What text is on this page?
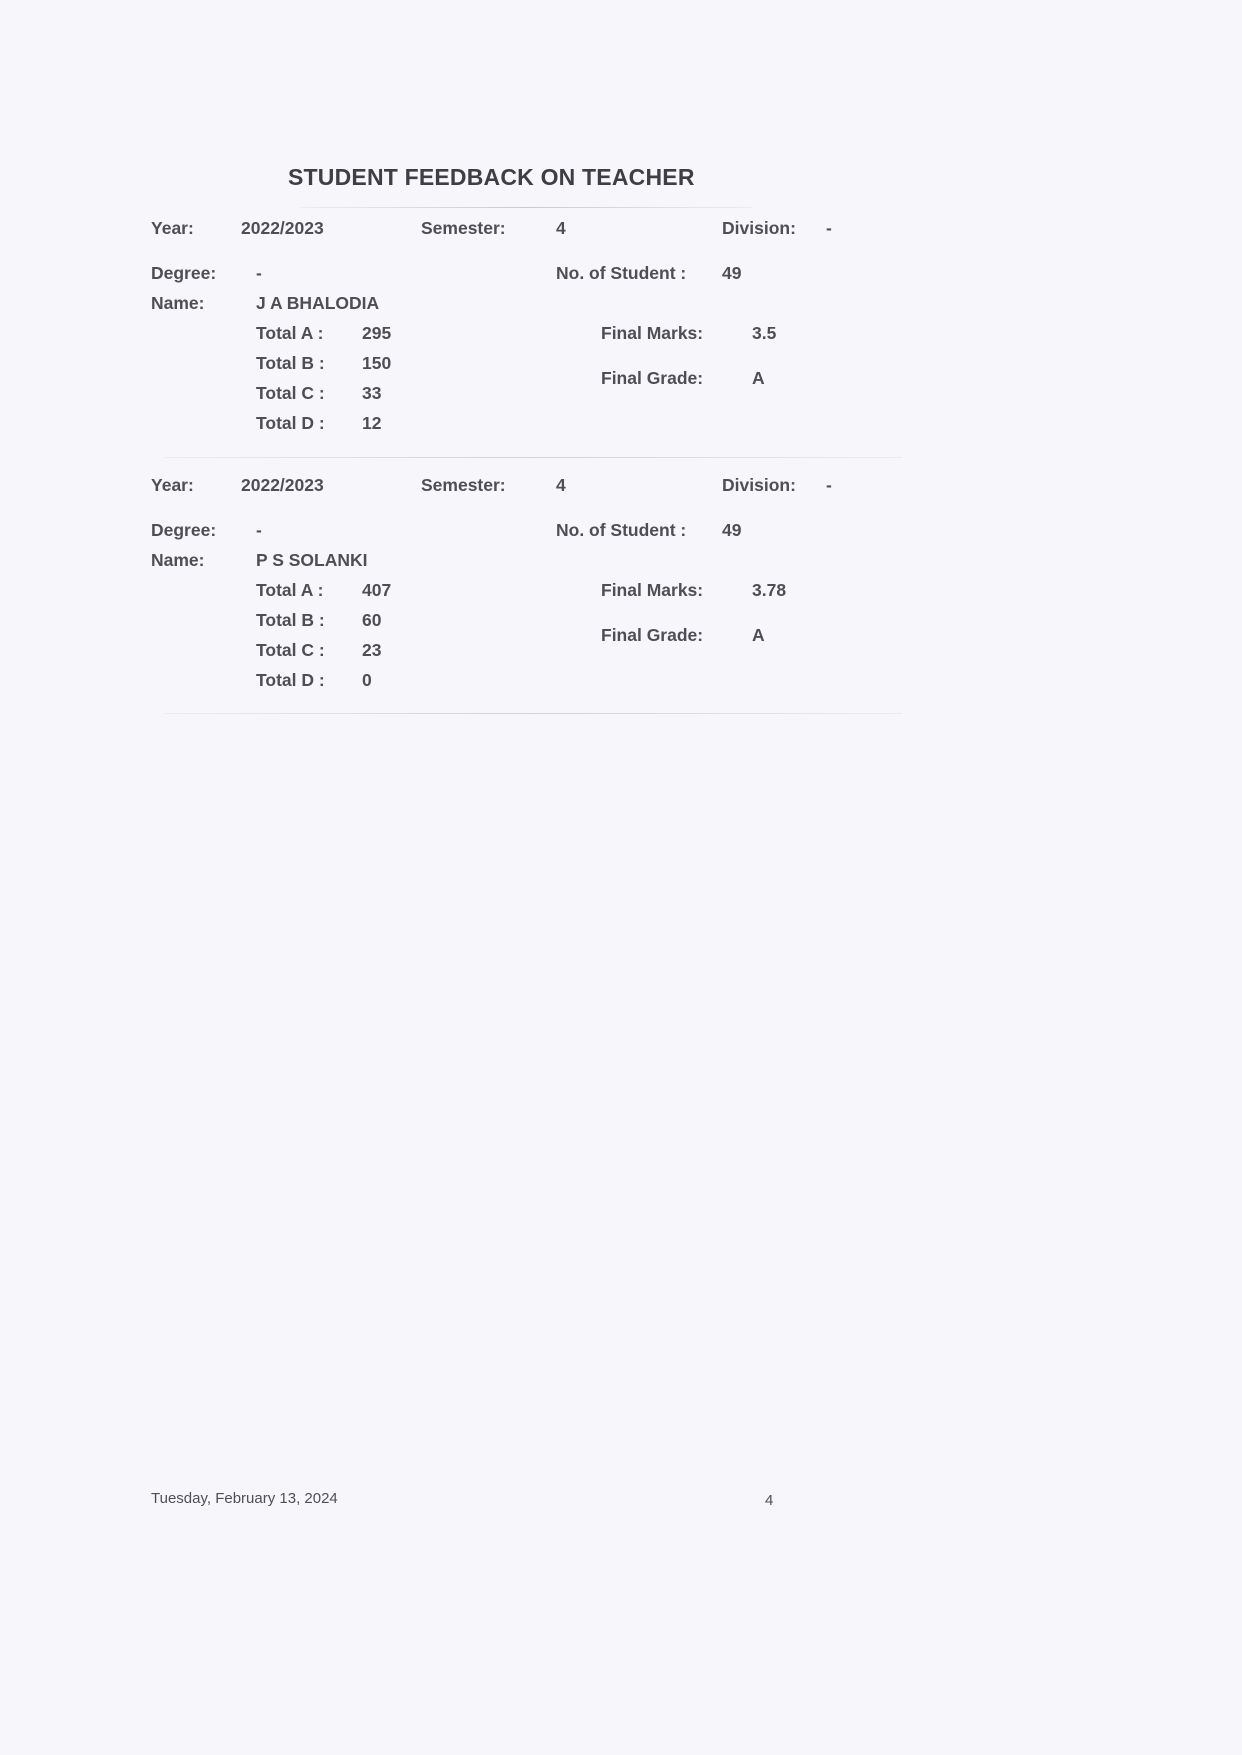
STUDENT FEEDBACK ON TEACHER
Year:	2022/2023	Semester:	4	Division: -
Degree: -	No. of Student : 49
Name:	J A BHALODIA
Total A : 295
Total B : 150
Total C : 33
Total D : 12
Final Marks:	3.5
Final Grade:	A
Year:	2022/2023	Semester:	4	Division: -
Degree: -	No. of Student : 49
Name:	P S SOLANKI
Total A : 407
Total B : 60
Total C : 23
Total D : 0
Final Marks:	3.78
Final Grade:	A
Tuesday, February 13, 2024	4
